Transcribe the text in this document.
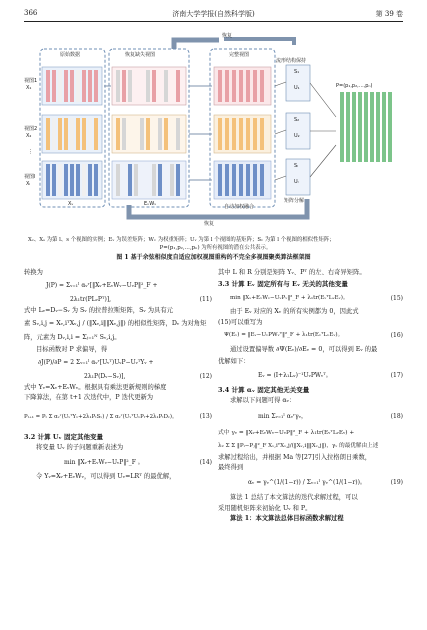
366	济南大学学报(自然科学版)	第 39 卷
原始数据	恢复缺失视图	完整视图
流形结构保持
自动加权融合
矩阵分解
恢复
恢复
视图1
X₁
视图2
X₂
⋮
视图l
Xₗ
Xᵥ	EᵥWᵥ
S₁
U₁
S₂
U₂
Sₗ
Uₗ
P=(p₁,p₂,…,pₙ)
Xᵥ、Xₛ 为第 l、s 个视图的实例；Eᵥ 为误差矩阵；Wᵥ 为权重矩阵；Uᵥ 为第 l 个视图的基矩阵；Sᵥ 为第 l 个视图的相似性矩阵；
P=(p₁,p₂,…,pₙ) 为所有视图的潜在公共表示。
图 1 基于余弦相似度自适应加权视图重构的不完全多视图聚类算法框架图
转换为
J(P) = Σᵥ₌₁ˡ αᵥʳ[‖Xᵥ+EᵥWᵥ−UᵥP‖²_F +
2λ₁tr(PLᵥPᵀ)],	(11)
式中 Lᵥ=Dᵥ−Sᵥ 为 Sᵥ 的拉普拉斯矩阵，Sᵥ 为具有元
素 Sᵥ,i,j = Xᵥ,iᵀXᵥ,j / (‖Xᵥ,i‖‖Xᵥ,j‖) 的相似性矩阵，Dᵥ 为对角矩
阵，元素为 Dᵥ,i,i = Σⱼ₌₁ᴺ Sᵥ,i,j。
目标函数对 P 求偏导，得
∂J(P)/∂P = 2 Σᵥ₌₁ˡ αᵥʳ[Uᵥᵀ)UᵥP−UᵥᵀYᵥ +
2λ₁P(Dᵥ−Sᵥ)],	(12)
式中 Yᵥ=Xᵥ+EᵥWᵥ。根据具有乘法更新规则的梯度
下降算法，在第 t+1 次迭代中，P 迭代更新为
Pₜ₊₁ = Pₜ Σ αᵥʳ(UᵥᵀYᵥ+2λ₁PₜSᵥ) / Σ αᵥʳ(UᵥᵀUᵥPₜ+2λ₁PₜDᵥ)。	(13)
3.2 计算 Uᵥ 固定其他变量
将变量 Uᵥ 的子问题重新表述为
min ‖Xᵥ+EᵥWᵥ−UᵥP‖²_F 。	(14)
令 Yᵥ=Xᵥ+EᵥWᵥ，可以得到 Uᵥ=LRᵀ 的最优解，
其中 L 和 R 分别是矩阵 Yᵥ、Pᵀ 的左、右奇异矩阵。
3.3 计算 Eᵥ 固定所有与 Eᵥ 无关的其他变量
min ‖Xᵥ+EᵥWᵥ−UᵥPᵥ‖²_F + λ₁tr(EᵥᵀLᵥEᵥ)。	(15)
由于 Eᵥ 对应的 Xᵥ 的所有实例都为 0，因此式
(15)可以重写为
Ψ(Eᵥ) = ‖Eᵥ−UᵥPWᵥᵀ‖²_F + λ₁tr(EᵥᵀLᵥEᵥ)。	(16)
通过设置偏导数 ∂Ψ(Eᵥ)/∂Eᵥ = 0，可以得到 Eᵥ 的最
优解如下：
Eᵥ = (I+λ₁Lᵥ)⁻¹UᵥPWᵥᵀ。	(17)
3.4 计算 αᵥ 固定其他无关变量
求解以下问题可得 αᵥ：
min Σᵥ₌₁ˡ αᵥʳγᵥ，	(18)
式中 γᵥ = ‖Xᵥ+EᵥWᵥ−UᵥP‖²_F + λ₁tr(EᵥᵀLᵥEᵥ) +
λ₂ Σ Σ ‖Pᵢ−Pⱼ‖²_F Xᵥ,iᵀXᵥ,j/(‖Xᵥ,i‖‖Xᵥ,j‖)，γᵥ 的最优解由上述
求解过程给出，并根据 Ma 等[27]引入拉格朗日乘数，
最终得到
αᵥ = γᵥ^(1/(1−r)) / Σᵥ₌₁ˡ γᵥ^(1/(1−r))。	(19)
算法 1 总结了本文算法的迭代求解过程，可以
采用随机矩阵来初始化 Uᵥ 和 P。
算法 1：本文算法总体目标函数求解过程
